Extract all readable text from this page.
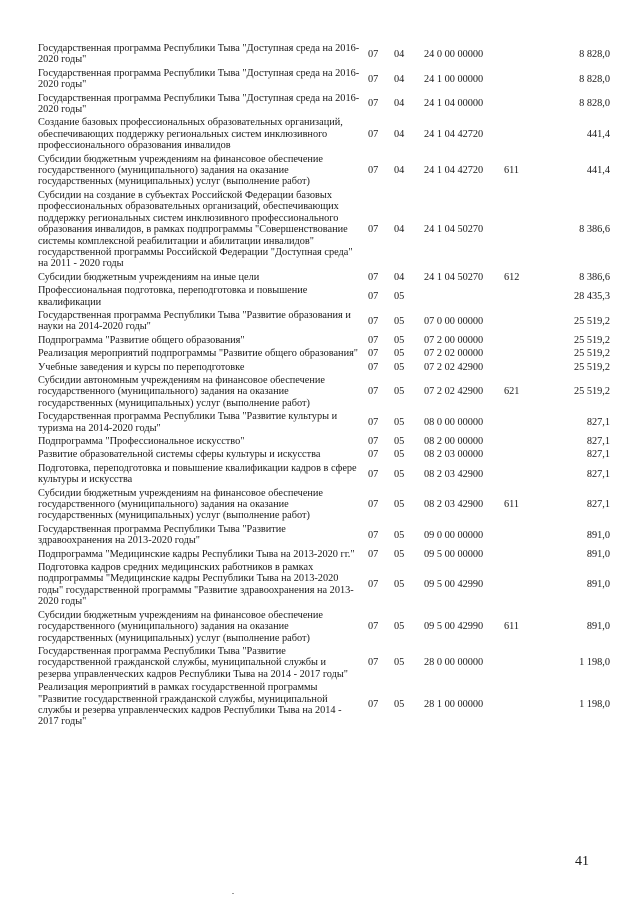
Государственная программа Республики Тыва "Доступная среда на 2016-2020 годы"	07	04	24 0 00 00000		8 828,0
Государственная программа Республики Тыва "Доступная среда на 2016-2020 годы"	07	04	24 1 00 00000		8 828,0
Государственная программа Республики Тыва "Доступная среда на 2016-2020 годы"	07	04	24 1 04 00000		8 828,0
Создание базовых профессиональных образовательных организаций, обеспечивающих поддержку региональных систем инклюзивного профессионального образования инвалидов	07	04	24 1 04 42720		441,4
Субсидии бюджетным учреждениям на финансовое обеспечение государственного (муниципального) задания на оказание государственных (муниципальных) услуг (выполнение работ)	07	04	24 1 04 42720	611	441,4
Субсидии на создание в субъектах Российской Федерации базовых профессиональных образовательных организаций, обеспечивающих поддержку региональных систем инклюзивного профессионального образования инвалидов, в рамках подпрограммы "Совершенствование системы комплексной реабилитации и абилитации инвалидов" государственной программы Российской Федерации "Доступная среда" на 2011 - 2020 годы	07	04	24 1 04 50270		8 386,6
Субсидии бюджетным учреждениям на иные цели	07	04	24 1 04 50270	612	8 386,6
Профессиональная подготовка, переподготовка и повышение квалификации	07	05			28 435,3
Государственная программа Республики Тыва "Развитие образования и науки на 2014-2020 годы"	07	05	07 0 00 00000		25 519,2
Подпрограмма "Развитие общего образования"	07	05	07 2 00 00000		25 519,2
Реализация мероприятий подпрограммы "Развитие общего образования"	07	05	07 2 02 00000		25 519,2
Учебные заведения и курсы по переподготовке	07	05	07 2 02 42900		25 519,2
Субсидии автономным учреждениям на финансовое обеспечение государственного (муниципального) задания на оказание государственных (муниципальных) услуг (выполнение работ)	07	05	07 2 02 42900	621	25 519,2
Государственная программа Республики Тыва "Развитие культуры и туризма на 2014-2020 годы"	07	05	08 0 00 00000		827,1
Подпрограмма "Профессиональное искусство"	07	05	08 2 00 00000		827,1
Развитие образовательной системы сферы культуры и искусства	07	05	08 2 03 00000		827,1
Подготовка, переподготовка и повышение квалификации кадров в сфере культуры и искусства	07	05	08 2 03 42900		827,1
Субсидии бюджетным учреждениям на финансовое обеспечение государственного (муниципального) задания на оказание государственных (муниципальных) услуг (выполнение работ)	07	05	08 2 03 42900	611	827,1
Государственная программа Республики Тыва "Развитие здравоохранения на 2013-2020 годы"	07	05	09 0 00 00000		891,0
Подпрограмма "Медицинские кадры Республики Тыва на 2013-2020 гг."	07	05	09 5 00 00000		891,0
Подготовка кадров средних медицинских работников в рамках подпрограммы "Медицинские кадры Республики Тыва на 2013-2020 годы" государственной программы "Развитие здравоохранения на 2013-2020 годы"	07	05	09 5 00 42990		891,0
Субсидии бюджетным учреждениям на финансовое обеспечение государственного (муниципального) задания на оказание государственных (муниципальных) услуг (выполнение работ)	07	05	09 5 00 42990	611	891,0
Государственная программа Республики Тыва "Развитие государственной гражданской службы, муниципальной службы и резерва управленческих кадров Республики Тыва на 2014 - 2017 годы"	07	05	28 0 00 00000		1 198,0
Реализация мероприятий в рамках государственной программы "Развитие государственной гражданской службы, муниципальной службы и резерва управленческих кадров Республики Тыва на 2014 - 2017 годы"	07	05	28 1 00 00000		1 198,0
41
